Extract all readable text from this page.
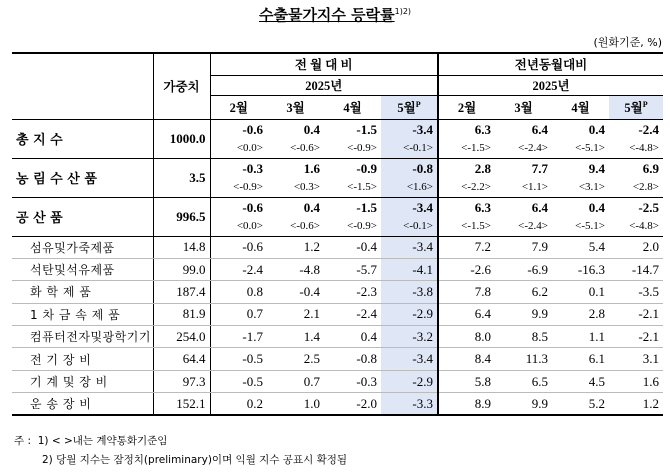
수출물가지수 등락률$^{1)2)}$
(원화기준, %)
	가중치	전 월 대 비				전년동월대비			
		2025년				2025년			
		2월	3월	4월	5월$^P$	2월	3월	4월	5월$^P$
총 지 수	1000.0	-0.6	0.4	-1.5	-3.4	6.3	6.4	0.4	-2.4
		<0.0>	<-0.6>	<-0.9>	<-0.1>	<-1.5>	<-2.4>	<-5.1>	<-4.8>
농 림 수 산 품	3.5	-0.3	1.6	-0.9	-0.8	2.8	7.7	9.4	6.9
		<-0.9>	<0.3>	<-1.5>	<1.6>	<-2.2>	<1.1>	<3.1>	<2.8>
공 산 품	996.5	-0.6	0.4	-1.5	-3.4	6.3	6.4	0.4	-2.5
		<0.0>	<-0.6>	<-0.9>	<-0.1>	<-1.5>	<-2.4>	<-5.1>	<-4.8>
섬유및가죽제품	14.8	-0.6	1.2	-0.4	-3.4	7.2	7.9	5.4	2.0
석탄및석유제품	99.0	-2.4	-4.8	-5.7	-4.1	-2.6	-6.9	-16.3	-14.7
화 학 제 품	187.4	0.8	-0.4	-2.3	-3.8	7.8	6.2	0.1	-3.5
1 차 금 속 제 품	81.9	0.7	2.1	-2.4	-2.9	6.4	9.9	2.8	-2.1
컴퓨터전자및광학기기	254.0	-1.7	1.4	0.4	-3.2	8.0	8.5	1.1	-2.1
전 기 장 비	64.4	-0.5	2.5	-0.8	-3.4	8.4	11.3	6.1	3.1
기 계 및 장 비	97.3	-0.5	0.7	-0.3	-2.9	5.8	6.5	4.5	1.6
운 송 장 비	152.1	0.2	1.0	-2.0	-3.3	8.9	9.9	5.2	1.2
주 : 1) < >내는 계약통화기준임
2) 당월 지수는 잠정치(preliminary)이며 익월 지수 공표시 확정됨
